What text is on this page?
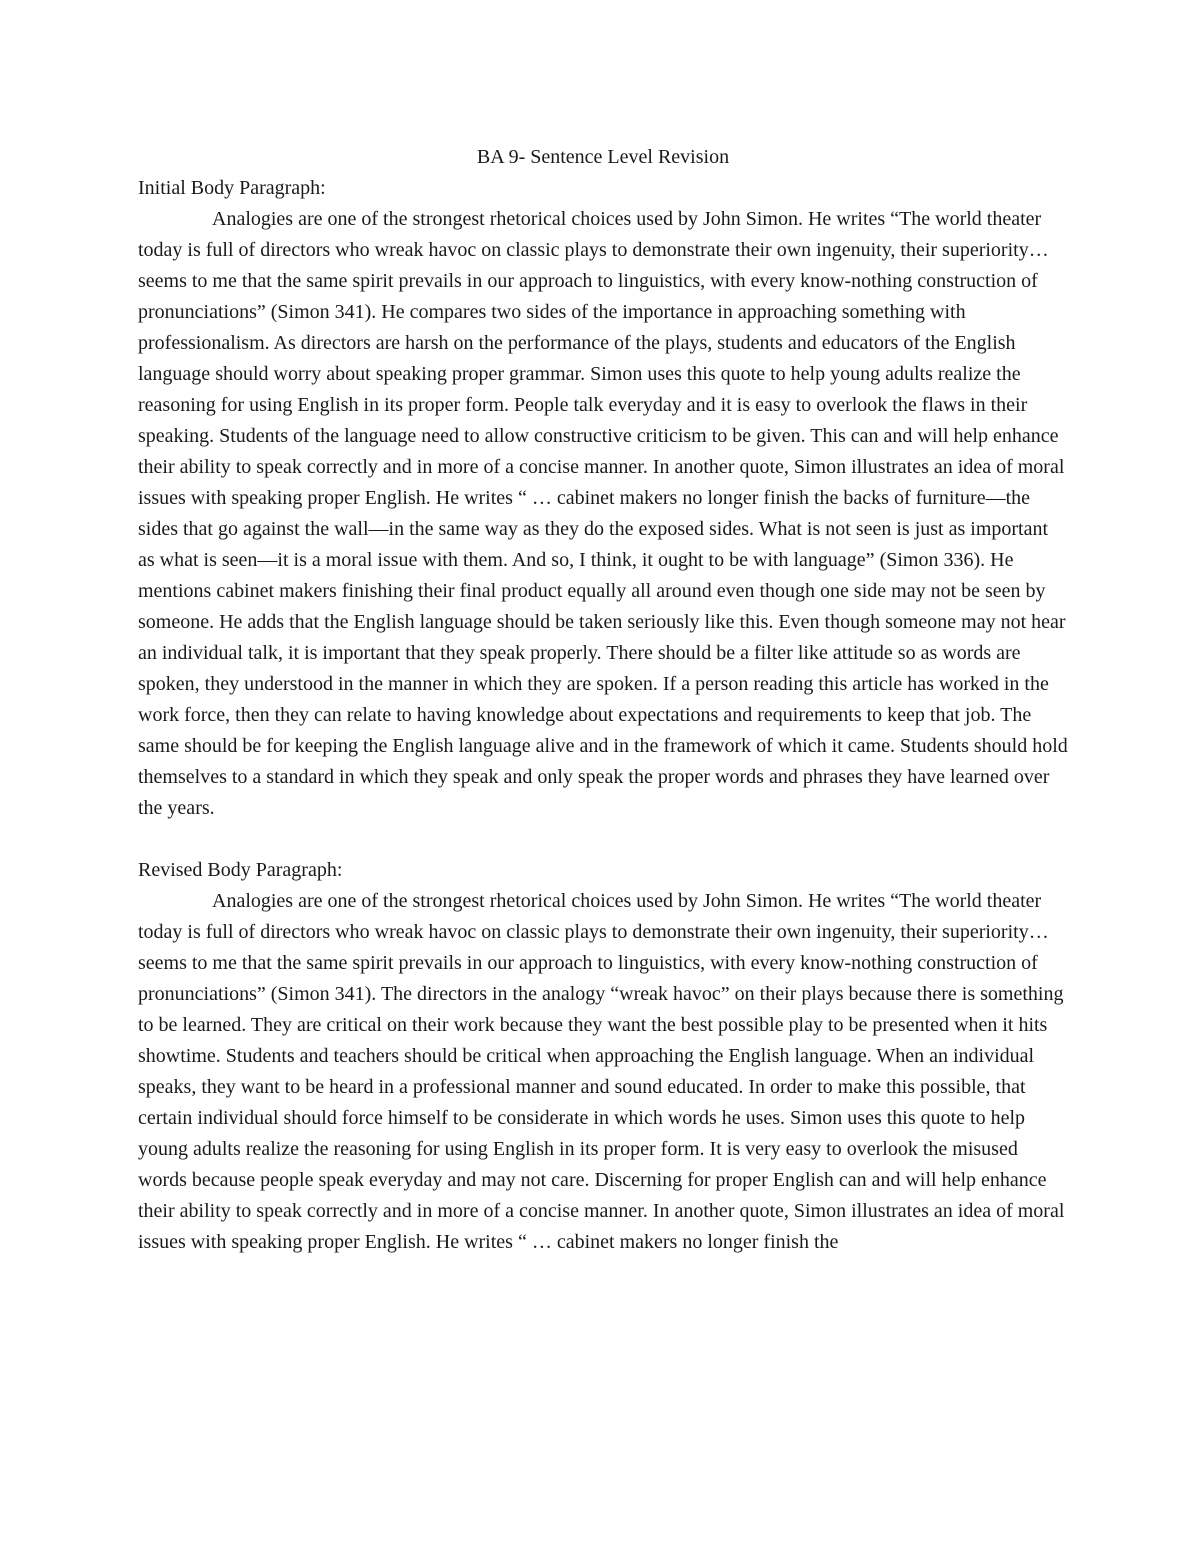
BA 9- Sentence Level Revision

Initial Body Paragraph:

Analogies are one of the strongest rhetorical choices used by John Simon. He writes “The world theater today is full of directors who wreak havoc on classic plays to demonstrate their own ingenuity, their superiority… seems to me that the same spirit prevails in our approach to linguistics, with every know-nothing construction of pronunciations” (Simon 341). He compares two sides of the importance in approaching something with professionalism. As directors are harsh on the performance of the plays, students and educators of the English language should worry about speaking proper grammar. Simon uses this quote to help young adults realize the reasoning for using English in its proper form. People talk everyday and it is easy to overlook the flaws in their speaking. Students of the language need to allow constructive criticism to be given. This can and will help enhance their ability to speak correctly and in more of a concise manner. In another quote, Simon illustrates an idea of moral issues with speaking proper English. He writes “ … cabinet makers no longer finish the backs of furniture—the sides that go against the wall—in the same way as they do the exposed sides. What is not seen is just as important as what is seen—it is a moral issue with them. And so, I think, it ought to be with language” (Simon 336). He mentions cabinet makers finishing their final product equally all around even though one side may not be seen by someone. He adds that the English language should be taken seriously like this. Even though someone may not hear an individual talk, it is important that they speak properly. There should be a filter like attitude so as words are spoken, they understood in the manner in which they are spoken. If a person reading this article has worked in the work force, then they can relate to having knowledge about expectations and requirements to keep that job. The same should be for keeping the English language alive and in the framework of which it came. Students should hold themselves to a standard in which they speak and only speak the proper words and phrases they have learned over the years.

Revised Body Paragraph:

Analogies are one of the strongest rhetorical choices used by John Simon. He writes “The world theater today is full of directors who wreak havoc on classic plays to demonstrate their own ingenuity, their superiority… seems to me that the same spirit prevails in our approach to linguistics, with every know-nothing construction of pronunciations” (Simon 341). The directors in the analogy “wreak havoc” on their plays because there is something to be learned. They are critical on their work because they want the best possible play to be presented when it hits showtime. Students and teachers should be critical when approaching the English language. When an individual speaks, they want to be heard in a professional manner and sound educated. In order to make this possible, that certain individual should force himself to be considerate in which words he uses. Simon uses this quote to help young adults realize the reasoning for using English in its proper form. It is very easy to overlook the misused words because people speak everyday and may not care. Discerning for proper English can and will help enhance their ability to speak correctly and in more of a concise manner. In another quote, Simon illustrates an idea of moral issues with speaking proper English. He writes “ … cabinet makers no longer finish the
